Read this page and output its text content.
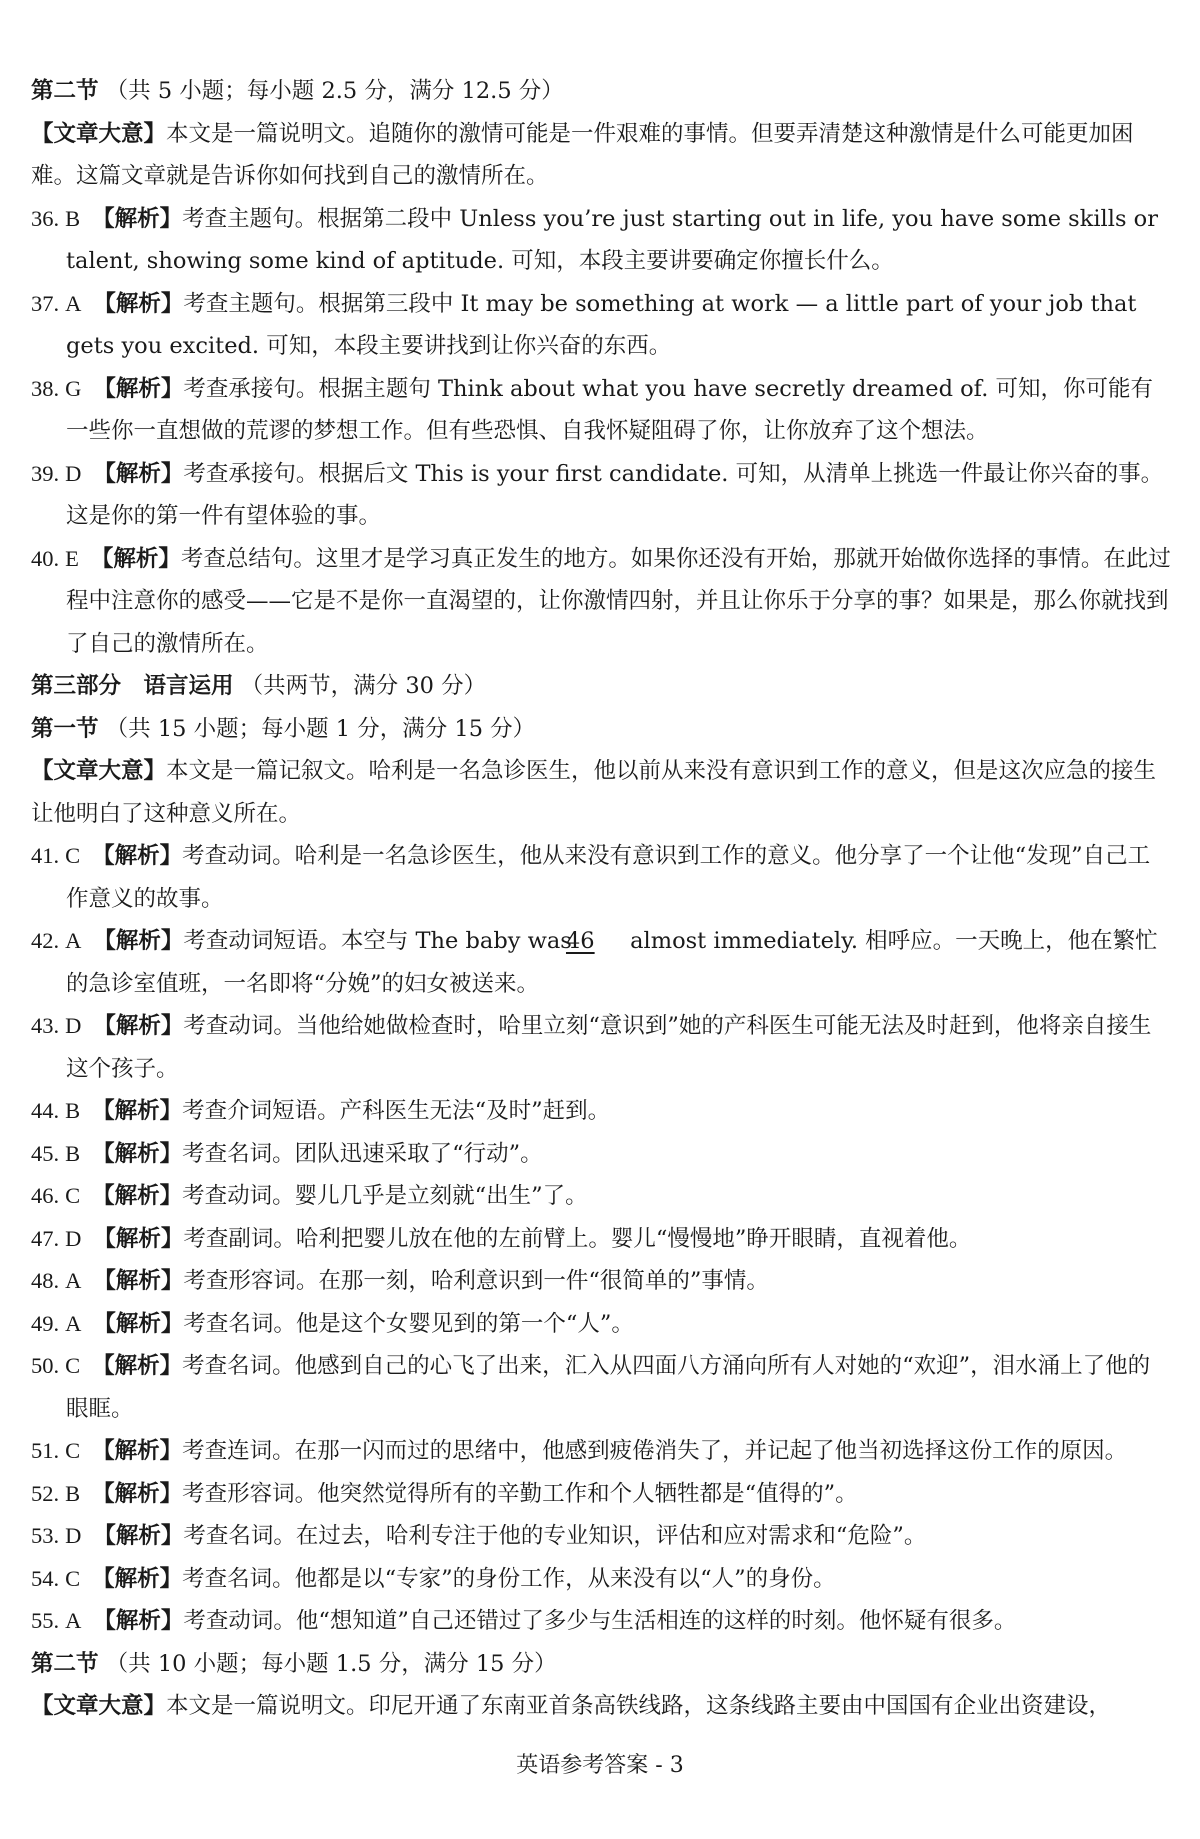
第二节 （共 5 小题；每小题 2.5 分，满分 12.5 分）
【文章大意】本文是一篇说明文。追随你的激情可能是一件艰难的事情。但要弄清楚这种激情是什么可能更加困难。这篇文章就是告诉你如何找到自己的激情所在。
36. B 【解析】考查主题句。根据第二段中 Unless you’re just starting out in life, you have some skills or talent, showing some kind of aptitude. 可知，本段主要讲要确定你擅长什么。
37. A 【解析】考查主题句。根据第三段中 It may be something at work — a little part of your job that gets you excited. 可知，本段主要讲找到让你兴奋的东西。
38. G 【解析】考查承接句。根据主题句 Think about what you have secretly dreamed of. 可知，你可能有一些你一直想做的荒谬的梦想工作。但有些恐惧、自我怀疑阻碍了你，让你放弃了这个想法。
39. D 【解析】考查承接句。根据后文 This is your first candidate. 可知，从清单上挑选一件最让你兴奋的事。这是你的第一件有望体验的事。
40. E 【解析】考查总结句。这里才是学习真正发生的地方。如果你还没有开始，那就开始做你选择的事情。在此过程中注意你的感受——它是不是你一直渴望的，让你激情四射，并且让你乐于分享的事？如果是，那么你就找到了自己的激情所在。
第三部分　语言运用 （共两节，满分 30 分）
第一节 （共 15 小题；每小题 1 分，满分 15 分）
【文章大意】本文是一篇记叙文。哈利是一名急诊医生，他以前从来没有意识到工作的意义，但是这次应急的接生让他明白了这种意义所在。
41. C 【解析】考查动词。哈利是一名急诊医生，他从来没有意识到工作的意义。他分享了一个让他“发现”自己工作意义的故事。
42. A 【解析】考查动词短语。本空与 The baby was 46 almost immediately. 相呼应。一天晚上，他在繁忙的急诊室值班，一名即将“分娩”的妇女被送来。
43. D 【解析】考查动词。当他给她做检查时，哈里立刻“意识到”她的产科医生可能无法及时赶到，他将亲自接生这个孩子。
44. B 【解析】考查介词短语。产科医生无法“及时”赶到。
45. B 【解析】考查名词。团队迅速采取了“行动”。
46. C 【解析】考查动词。婴儿几乎是立刻就“出生”了。
47. D 【解析】考查副词。哈利把婴儿放在他的左前臂上。婴儿“慢慢地”睁开眼睛，直视着他。
48. A 【解析】考查形容词。在那一刻，哈利意识到一件“很简单的”事情。
49. A 【解析】考查名词。他是这个女婴见到的第一个“人”。
50. C 【解析】考查名词。他感到自己的心飞了出来，汇入从四面八方涌向所有人对她的“欢迎”，泪水涌上了他的眼眶。
51. C 【解析】考查连词。在那一闪而过的思绪中，他感到疲倦消失了，并记起了他当初选择这份工作的原因。
52. B 【解析】考查形容词。他突然觉得所有的辛勤工作和个人牺牲都是“值得的”。
53. D 【解析】考查名词。在过去，哈利专注于他的专业知识，评估和应对需求和“危险”。
54. C 【解析】考查名词。他都是以“专家”的身份工作，从来没有以“人”的身份。
55. A 【解析】考查动词。他“想知道”自己还错过了多少与生活相连的这样的时刻。他怀疑有很多。
第二节 （共 10 小题；每小题 1.5 分，满分 15 分）
【文章大意】本文是一篇说明文。印尼开通了东南亚首条高铁线路，这条线路主要由中国国有企业出资建设，
英语参考答案 - 3
